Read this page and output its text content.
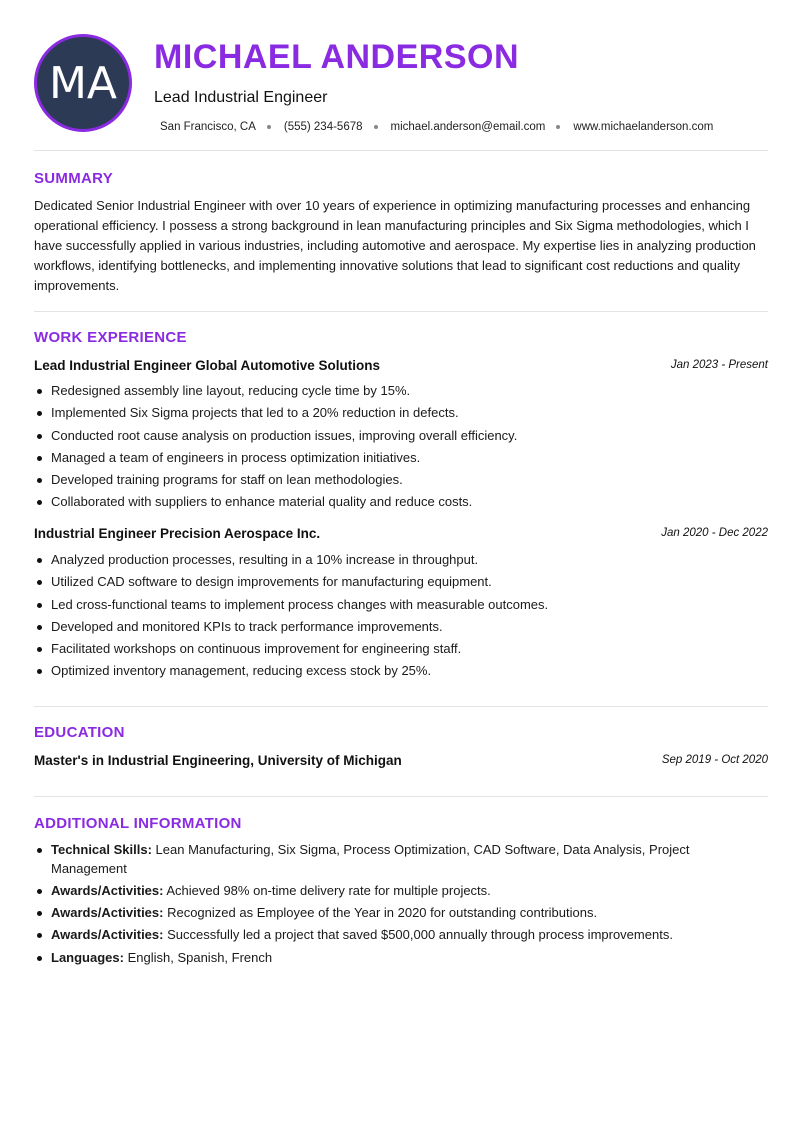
MA
MICHAEL ANDERSON
Lead Industrial Engineer
San Francisco, CA (555) 234-5678 michael.anderson@email.com www.michaelanderson.com
SUMMARY
Dedicated Senior Industrial Engineer with over 10 years of experience in optimizing manufacturing processes and enhancing operational efficiency. I possess a strong background in lean manufacturing principles and Six Sigma methodologies, which I have successfully applied in various industries, including automotive and aerospace. My expertise lies in analyzing production workflows, identifying bottlenecks, and implementing innovative solutions that lead to significant cost reductions and quality improvements.
WORK EXPERIENCE
Lead Industrial Engineer Global Automotive Solutions	Jan 2023 - Present
Redesigned assembly line layout, reducing cycle time by 15%.
Implemented Six Sigma projects that led to a 20% reduction in defects.
Conducted root cause analysis on production issues, improving overall efficiency.
Managed a team of engineers in process optimization initiatives.
Developed training programs for staff on lean methodologies.
Collaborated with suppliers to enhance material quality and reduce costs.
Industrial Engineer Precision Aerospace Inc.	Jan 2020 - Dec 2022
Analyzed production processes, resulting in a 10% increase in throughput.
Utilized CAD software to design improvements for manufacturing equipment.
Led cross-functional teams to implement process changes with measurable outcomes.
Developed and monitored KPIs to track performance improvements.
Facilitated workshops on continuous improvement for engineering staff.
Optimized inventory management, reducing excess stock by 25%.
EDUCATION
Master's in Industrial Engineering, University of Michigan	Sep 2019 - Oct 2020
ADDITIONAL INFORMATION
Technical Skills: Lean Manufacturing, Six Sigma, Process Optimization, CAD Software, Data Analysis, Project Management
Awards/Activities: Achieved 98% on-time delivery rate for multiple projects.
Awards/Activities: Recognized as Employee of the Year in 2020 for outstanding contributions.
Awards/Activities: Successfully led a project that saved $500,000 annually through process improvements.
Languages: English, Spanish, French
